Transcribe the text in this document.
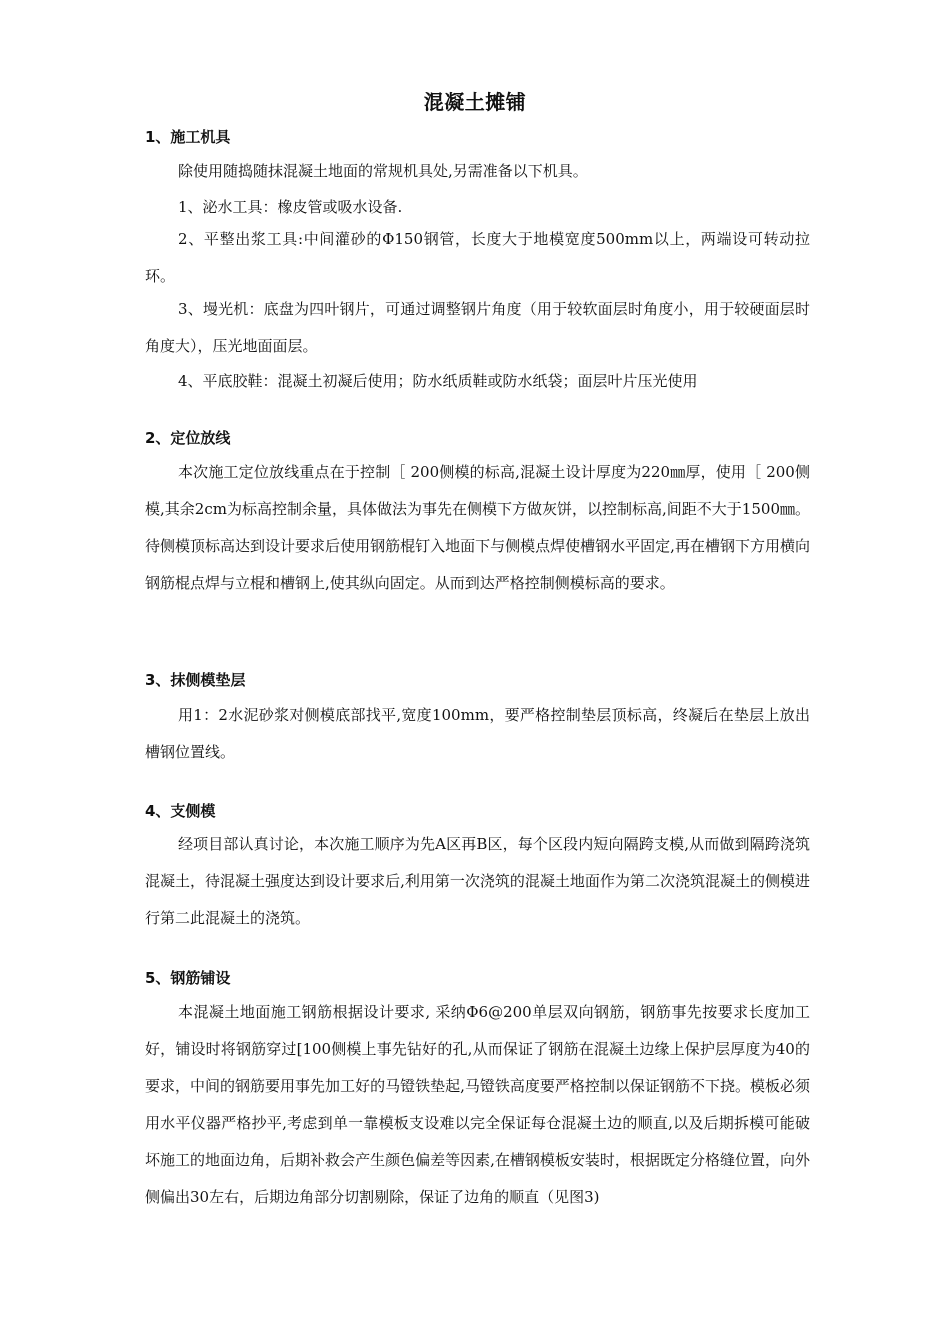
混凝土摊铺
1、施工机具
除使用随捣随抹混凝土地面的常规机具处,另需准备以下机具。
1、泌水工具：橡皮管或吸水设备.

2、平整出浆工具:中间灌砂的Φ150钢管，长度大于地模宽度500mm以上，两端设可转动拉环。

3、墁光机：底盘为四叶钢片，可通过调整钢片角度（用于较软面层时角度小，用于较硬面层时角度大），压光地面面层。

4、平底胶鞋：混凝土初凝后使用；防水纸质鞋或防水纸袋；面层叶片压光使用
2、定位放线

本次施工定位放线重点在于控制［ 200侧模的标高,混凝土设计厚度为220㎜厚，使用［ 200侧模,其余2cm为标高控制余量，具体做法为事先在侧模下方做灰饼，以控制标高,间距不大于1500㎜。待侧模顶标高达到设计要求后使用钢筋棍钉入地面下与侧模点焊使槽钢水平固定,再在槽钢下方用横向钢筋棍点焊与立棍和槽钢上,使其纵向固定。从而到达严格控制侧模标高的要求。

3、抹侧模垫层

用1：2水泥砂浆对侧模底部找平,宽度100mm，要严格控制垫层顶标高，终凝后在垫层上放出槽钢位置线。

4、支侧模

经项目部认真讨论，本次施工顺序为先A区再B区，每个区段内短向隔跨支模,从而做到隔跨浇筑混凝土，待混凝土强度达到设计要求后,利用第一次浇筑的混凝土地面作为第二次浇筑混凝土的侧模进行第二此混凝土的浇筑。

5、钢筋铺设

本混凝土地面施工钢筋根据设计要求, 采纳Φ6@200单层双向钢筋，钢筋事先按要求长度加工好，铺设时将钢筋穿过[100侧模上事先钻好的孔,从而保证了钢筋在混凝土边缘上保护层厚度为40的要求，中间的钢筋要用事先加工好的马镫铁垫起,马镫铁高度要严格控制以保证钢筋不下挠。模板必须用水平仪器严格抄平,考虑到单一靠模板支设难以完全保证每仓混凝土边的顺直,以及后期拆模可能破坏施工的地面边角，后期补救会产生颜色偏差等因素,在槽钢模板安装时，根据既定分格缝位置，向外侧偏出30左右，后期边角部分切割剔除，保证了边角的顺直（见图3)
